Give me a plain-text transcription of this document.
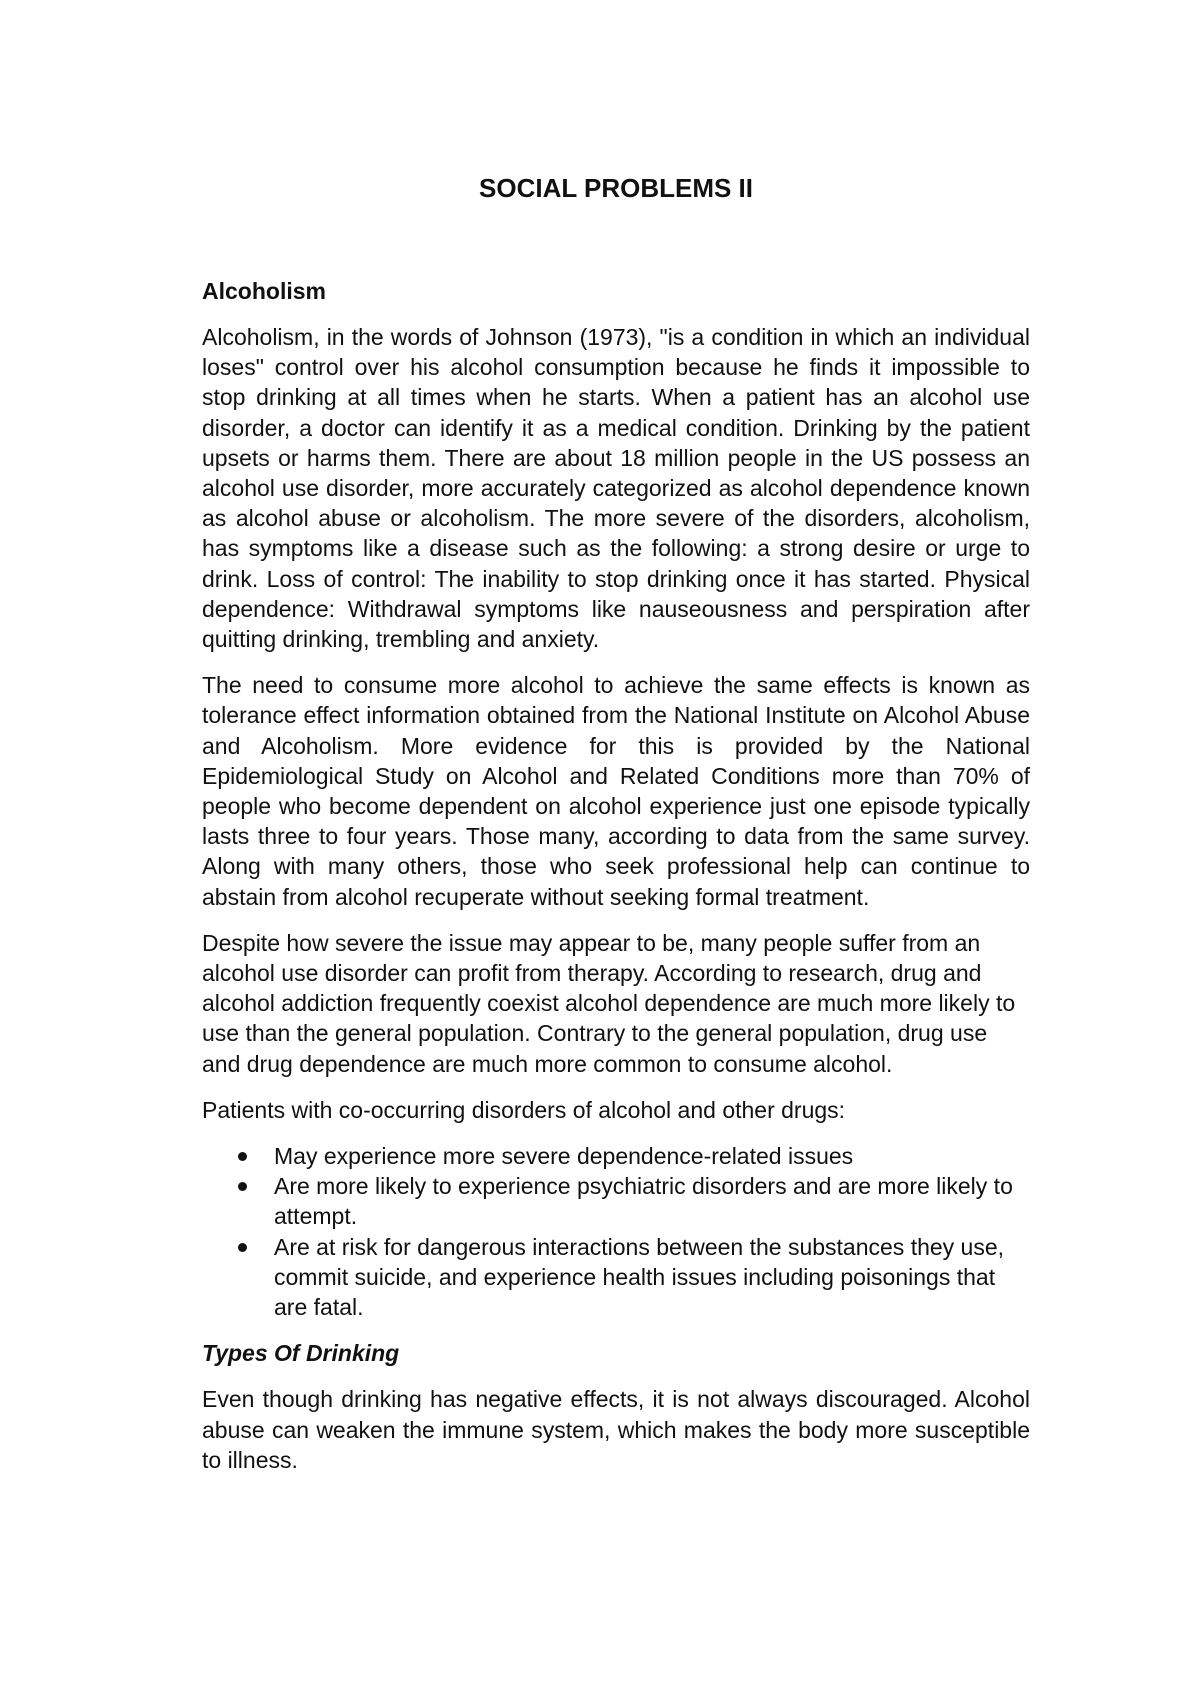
SOCIAL PROBLEMS II
Alcoholism

Alcoholism, in the words of Johnson (1973), "is a condition in which an individual loses" control over his alcohol consumption because he finds it impossible to stop drinking at all times when he starts. When a patient has an alcohol use disorder, a doctor can identify it as a medical condition. Drinking by the patient upsets or harms them. There are about 18 million people in the US possess an alcohol use disorder, more accurately categorized as alcohol dependence known as alcohol abuse or alcoholism. The more severe of the disorders, alcoholism, has symptoms like a disease such as the following: a strong desire or urge to drink. Loss of control: The inability to stop drinking once it has started. Physical dependence: Withdrawal symptoms like nauseousness and perspiration after quitting drinking, trembling and anxiety.

The need to consume more alcohol to achieve the same effects is known as tolerance effect information obtained from the National Institute on Alcohol Abuse and Alcoholism. More evidence for this is provided by the National Epidemiological Study on Alcohol and Related Conditions more than 70% of people who become dependent on alcohol experience just one episode typically lasts three to four years. Those many, according to data from the same survey. Along with many others, those who seek professional help can continue to abstain from alcohol recuperate without seeking formal treatment.

Despite how severe the issue may appear to be, many people suffer from an alcohol use disorder can profit from therapy. According to research, drug and alcohol addiction frequently coexist alcohol dependence are much more likely to use than the general population. Contrary to the general population, drug use and drug dependence are much more common to consume alcohol.

Patients with co-occurring disorders of alcohol and other drugs:

May experience more severe dependence-related issues
Are more likely to experience psychiatric disorders and are more likely to attempt.
Are at risk for dangerous interactions between the substances they use, commit suicide, and experience health issues including poisonings that are fatal.
Types Of Drinking

Even though drinking has negative effects, it is not always discouraged. Alcohol abuse can weaken the immune system, which makes the body more susceptible to illness.
